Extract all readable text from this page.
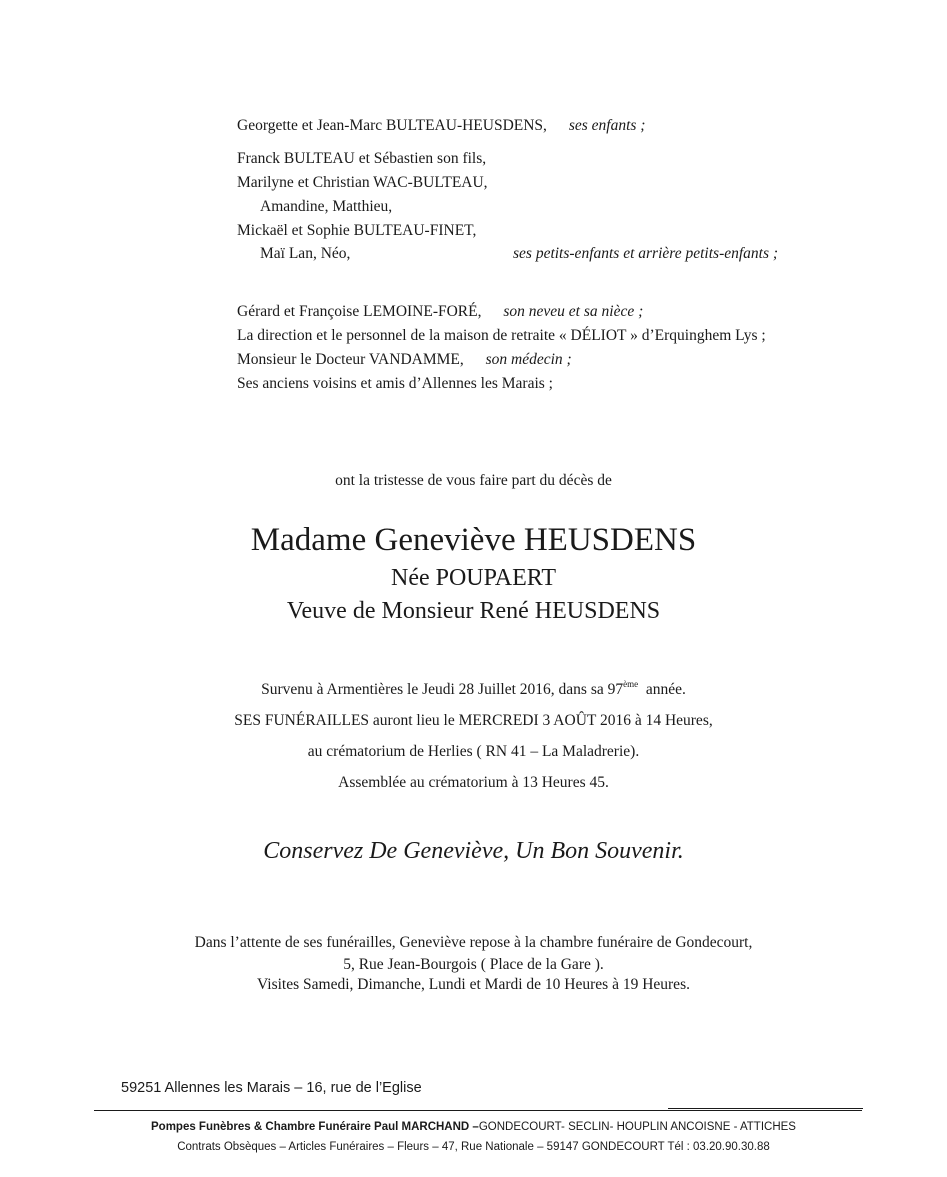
Georgette et Jean-Marc BULTEAU-HEUSDENS, ses enfants ;
Franck BULTEAU et Sébastien son fils,
Marilyne et Christian WAC-BULTEAU,
Amandine, Matthieu,
Mickaël et Sophie BULTEAU-FINET,
Maï Lan, Néo,	ses petits-enfants et arrière petits-enfants ;
Gérard et Françoise LEMOINE-FORÉ, son neveu et sa nièce ;
La direction et le personnel de la maison de retraite « DÉLIOT » d’Erquinghem Lys ;
Monsieur le Docteur VANDAMME, son médecin ;
Ses anciens voisins et amis d’Allennes les Marais ;
ont la tristesse de vous faire part du décès de
Madame Geneviève HEUSDENS
Née POUPAERT
Veuve de Monsieur René HEUSDENS
Survenu à Armentières le Jeudi 28 Juillet 2016, dans sa 97ème  année.
SES FUNÉRAILLES auront lieu le MERCREDI 3 AOÛT 2016 à 14 Heures,
au crématorium de Herlies ( RN 41 – La Maladrerie).
Assemblée au crématorium à 13 Heures 45.
Conservez De Geneviève, Un Bon Souvenir.
Dans l’attente de ses funérailles, Geneviève repose à la chambre funéraire de Gondecourt,
5, Rue Jean-Bourgois ( Place de la Gare ).
Visites Samedi, Dimanche, Lundi et Mardi de 10 Heures à 19 Heures.
59251 Allennes les Marais – 16, rue de l’Eglise
Pompes Funèbres & Chambre Funéraire Paul MARCHAND –GONDECOURT- SECLIN- HOUPLIN ANCOISNE - ATTICHES
Contrats Obsèques – Articles Funéraires – Fleurs – 47, Rue Nationale – 59147 GONDECOURT Tél : 03.20.90.30.88
